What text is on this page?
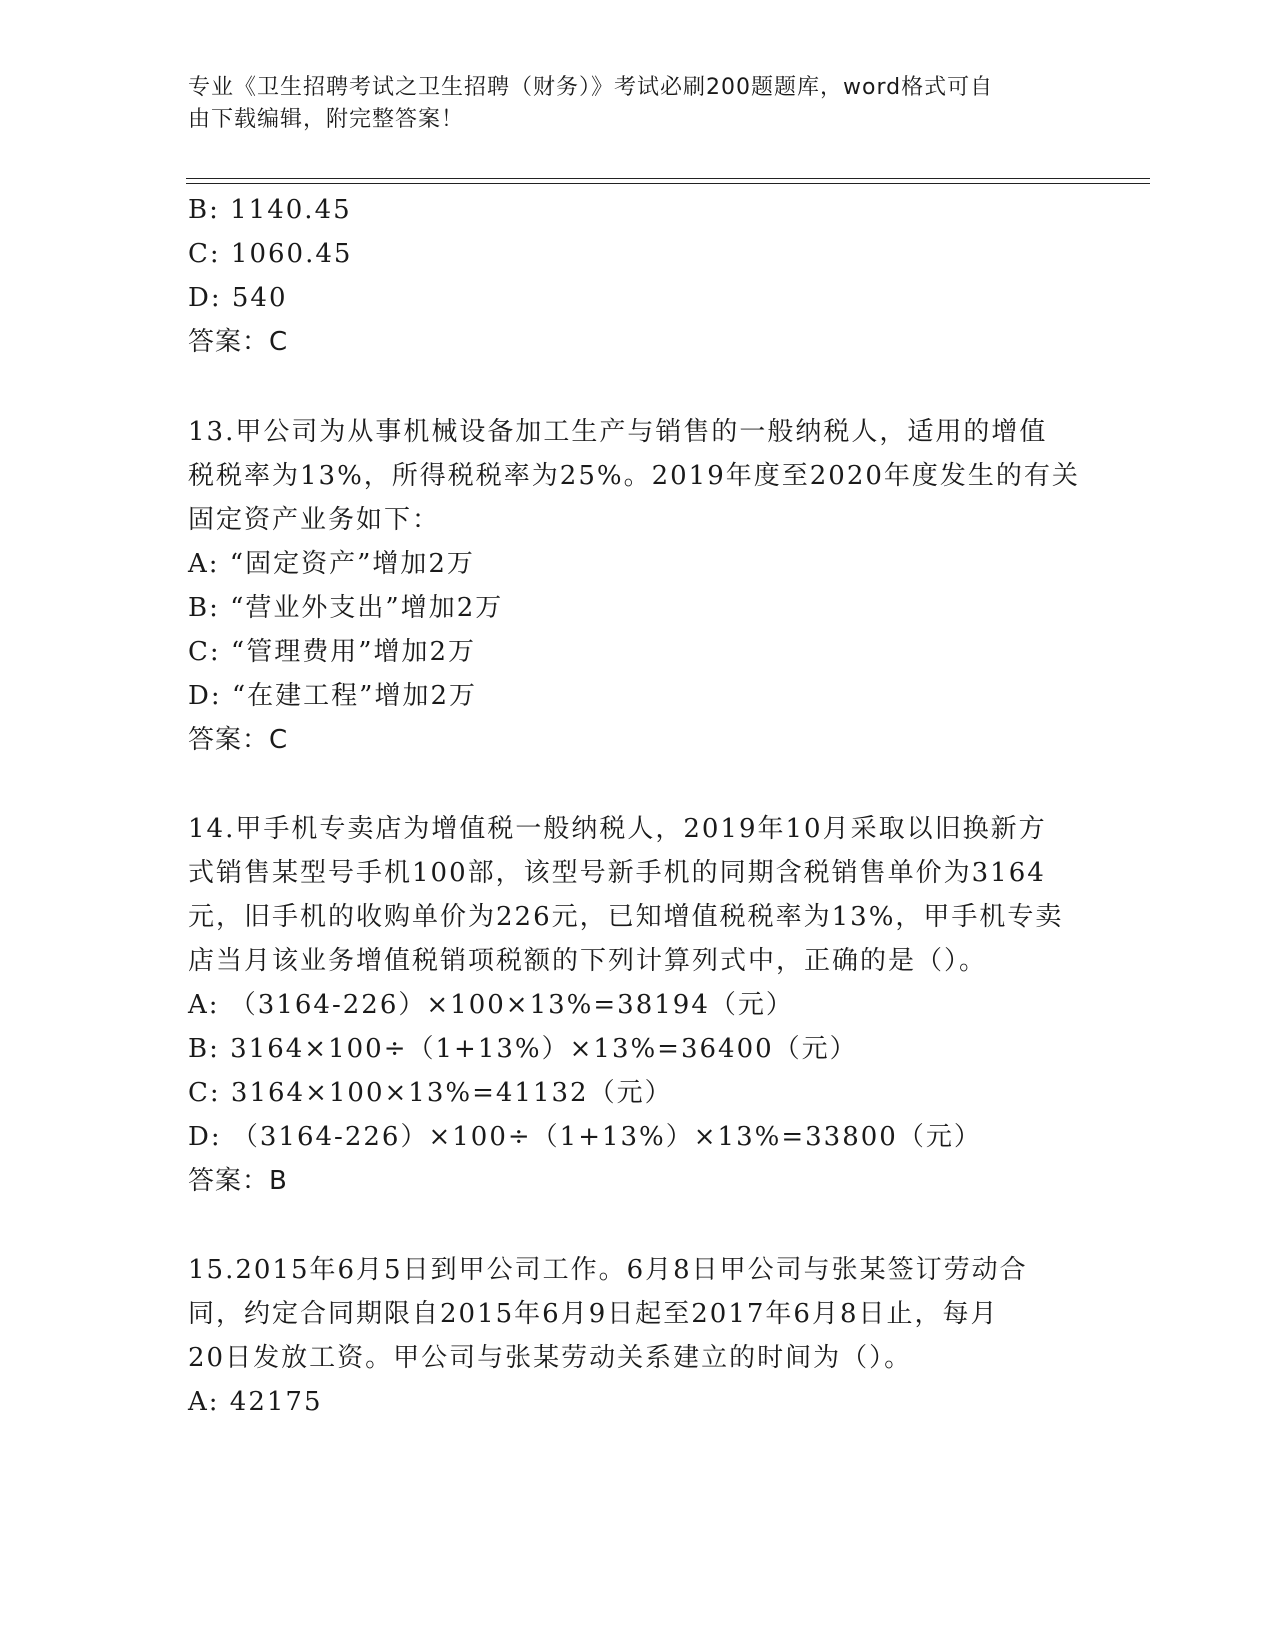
专业《卫生招聘考试之卫生招聘（财务）》考试必刷200题题库，word格式可自
由下载编辑，附完整答案！
B: 1140.45
C: 1060.45
D: 540
答案：C
13.甲公司为从事机械设备加工生产与销售的一般纳税人，适用的增值
税税率为13%，所得税税率为25%。2019年度至2020年度发生的有关
固定资产业务如下：
A: “固定资产”增加2万
B: “营业外支出”增加2万
C: “管理费用”增加2万
D: “在建工程”增加2万
答案：C
14.甲手机专卖店为增值税一般纳税人，2019年10月采取以旧换新方
式销售某型号手机100部，该型号新手机的同期含税销售单价为3164
元，旧手机的收购单价为226元，已知增值税税率为13%，甲手机专卖
店当月该业务增值税销项税额的下列计算列式中，正确的是（）。
A: （3164-226）×100×13%=38194（元）
B: 3164×100÷（1+13%）×13%=36400（元）
C: 3164×100×13%=41132（元）
D: （3164-226）×100÷（1+13%）×13%=33800（元）
答案：B
15.2015年6月5日到甲公司工作。6月8日甲公司与张某签订劳动合
同，约定合同期限自2015年6月9日起至2017年6月8日止，每月
20日发放工资。甲公司与张某劳动关系建立的时间为（）。
A: 42175
